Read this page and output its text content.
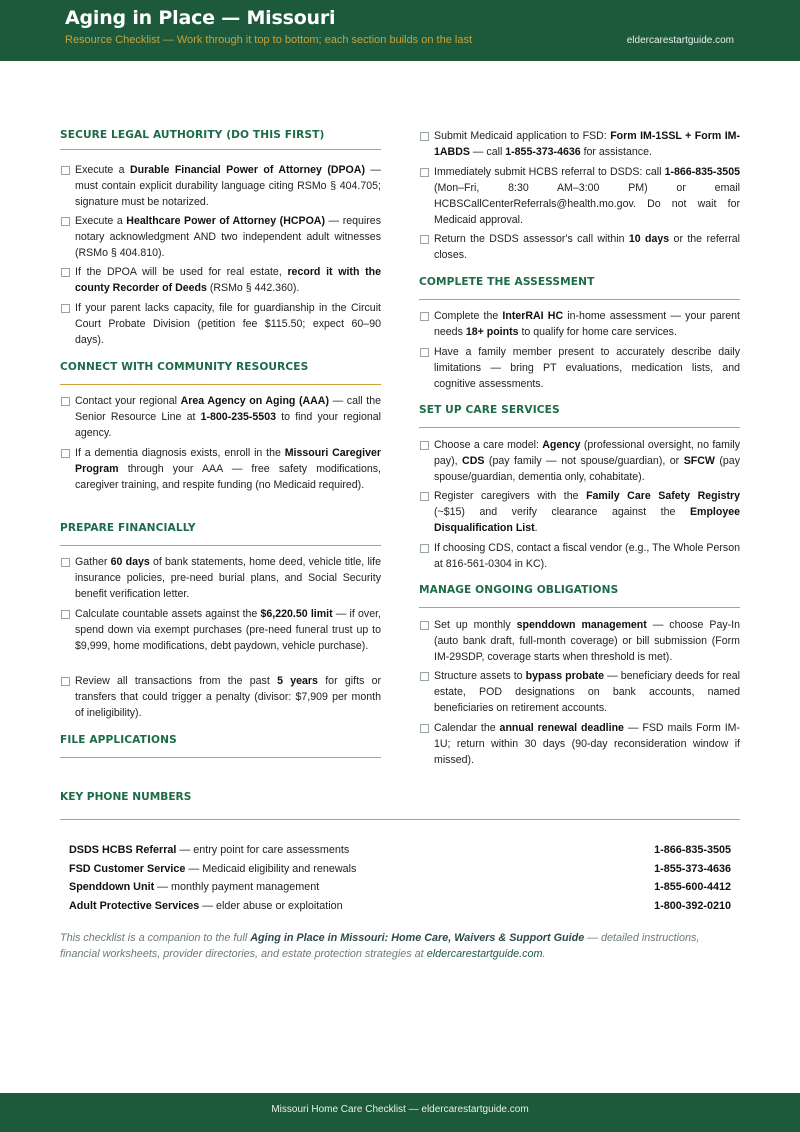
Aging in Place — Missouri
Resource Checklist — Work through it top to bottom; each section builds on the last	eldercarestartguide.com
SECURE LEGAL AUTHORITY (DO THIS FIRST)
Execute a Durable Financial Power of Attorney (DPOA) — must contain explicit durability language citing RSMo § 404.705; signature must be notarized.
Execute a Healthcare Power of Attorney (HCPOA) — requires notary acknowledgment AND two independent adult witnesses (RSMo § 404.810).
If the DPOA will be used for real estate, record it with the county Recorder of Deeds (RSMo § 442.360).
If your parent lacks capacity, file for guardianship in the Circuit Court Probate Division (petition fee $115.50; expect 60–90 days).
CONNECT WITH COMMUNITY RESOURCES
Contact your regional Area Agency on Aging (AAA) — call the Senior Resource Line at 1-800-235-5503 to find your regional agency.
If a dementia diagnosis exists, enroll in the Missouri Caregiver Program through your AAA — free safety modifications, caregiver training, and respite funding (no Medicaid required).
PREPARE FINANCIALLY
Gather 60 days of bank statements, home deed, vehicle title, life insurance policies, pre-need burial plans, and Social Security benefit verification letter.
Calculate countable assets against the $6,220.50 limit — if over, spend down via exempt purchases (pre-need funeral trust up to $9,999, home modifications, debt paydown, vehicle purchase).
Review all transactions from the past 5 years for gifts or transfers that could trigger a penalty (divisor: $7,909 per month of ineligibility).
FILE APPLICATIONS
Submit Medicaid application to FSD: Form IM-1SSL + Form IM-1ABDS — call 1-855-373-4636 for assistance.
Immediately submit HCBS referral to DSDS: call 1-866-835-3505 (Mon–Fri, 8:30 AM–3:00 PM) or email HCBSCallCenterReferrals@health.mo.gov. Do not wait for Medicaid approval.
Return the DSDS assessor's call within 10 days or the referral closes.
COMPLETE THE ASSESSMENT
Complete the InterRAI HC in-home assessment — your parent needs 18+ points to qualify for home care services.
Have a family member present to accurately describe daily limitations — bring PT evaluations, medication lists, and cognitive assessments.
SET UP CARE SERVICES
Choose a care model: Agency (professional oversight, no family pay), CDS (pay family — not spouse/guardian), or SFCW (pay spouse/guardian, dementia only, cohabitate).
Register caregivers with the Family Care Safety Registry (~$15) and verify clearance against the Employee Disqualification List.
If choosing CDS, contact a fiscal vendor (e.g., The Whole Person at 816-561-0304 in KC).
MANAGE ONGOING OBLIGATIONS
Set up monthly spenddown management — choose Pay-In (auto bank draft, full-month coverage) or bill submission (Form IM-29SDP, coverage starts when threshold is met).
Structure assets to bypass probate — beneficiary deeds for real estate, POD designations on bank accounts, named beneficiaries on retirement accounts.
Calendar the annual renewal deadline — FSD mails Form IM-1U; return within 30 days (90-day reconsideration window if missed).
KEY PHONE NUMBERS
DSDS HCBS Referral — entry point for care assessments	1-866-835-3505
FSD Customer Service — Medicaid eligibility and renewals	1-855-373-4636
Spenddown Unit — monthly payment management	1-855-600-4412
Adult Protective Services — elder abuse or exploitation	1-800-392-0210
This checklist is a companion to the full Aging in Place in Missouri: Home Care, Waivers & Support Guide — detailed instructions, financial worksheets, provider directories, and estate protection strategies at eldercarestartguide.com.
Missouri Home Care Checklist — eldercarestartguide.com
